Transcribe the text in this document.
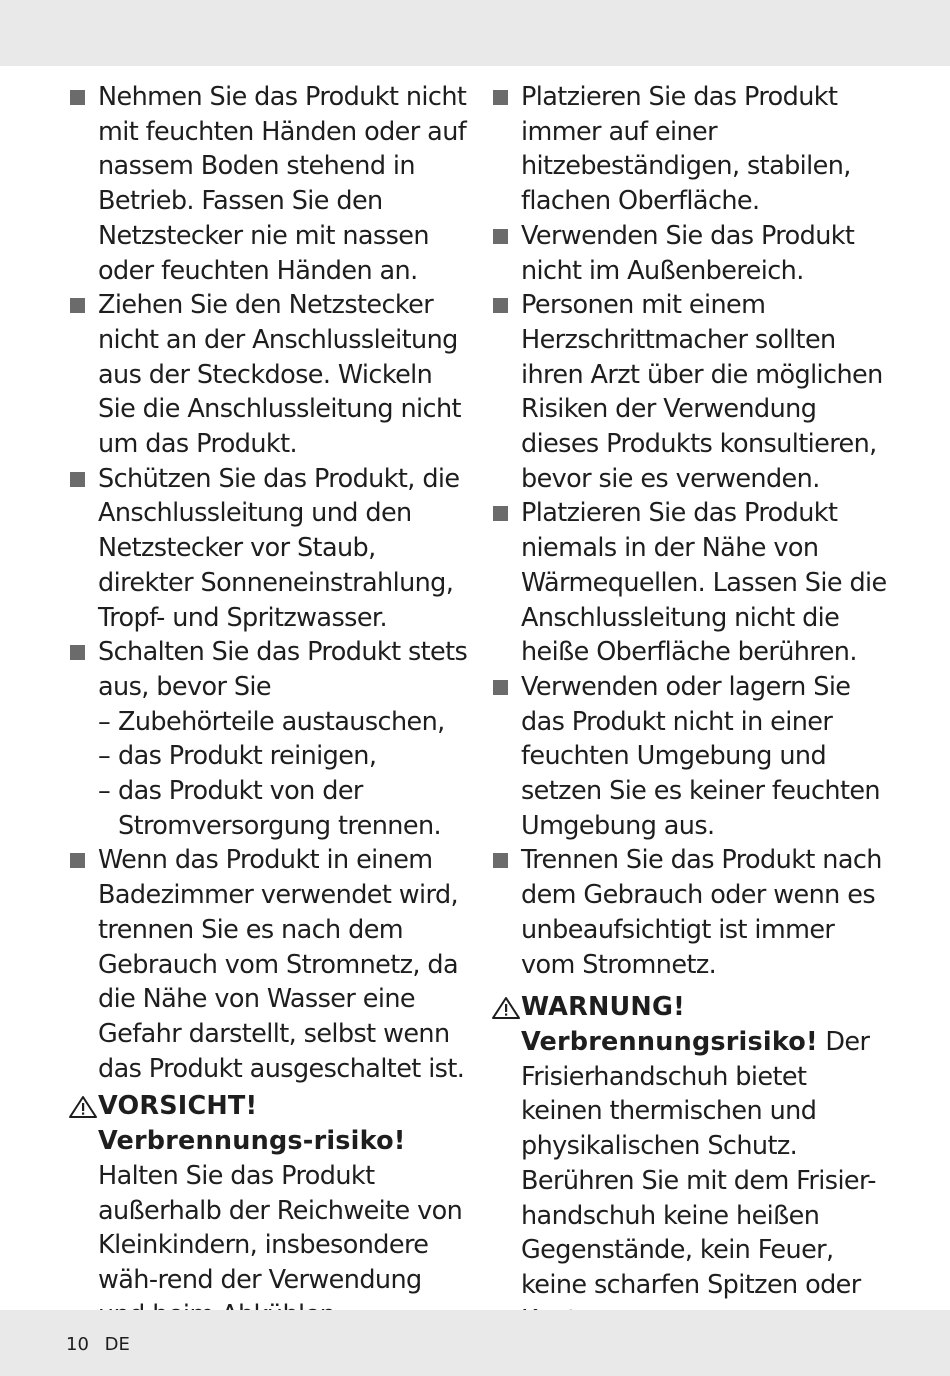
Nehmen Sie das Produkt nicht mit feuchten Händen oder auf nassem Boden stehend in Betrieb. Fassen Sie den Netzstecker nie mit nassen oder feuchten Händen an.

Ziehen Sie den Netzstecker nicht an der Anschlussleitung aus der Steckdose. Wickeln Sie die Anschlussleitung nicht um das Produkt.

Schützen Sie das Produkt, die Anschlussleitung und den Netzstecker vor Staub, direkter Sonneneinstrahlung, Tropf- und Spritzwasser.

Schalten Sie das Produkt stets aus, bevor Sie

– Zubehörteile austauschen,
– das Produkt reinigen,
– das Produkt von der Stromversorgung trennen.

Wenn das Produkt in einem Badezimmer verwendet wird, trennen Sie es nach dem Gebrauch vom Stromnetz, da die Nähe von Wasser eine Gefahr darstellt, selbst wenn das Produkt ausgeschaltet ist.

VORSICHT! Verbrennungs-risiko! Halten Sie das Produkt außerhalb der Reichweite von Kleinkindern, insbesondere wäh-rend der Verwendung

Platzieren Sie das Produkt immer auf einer hitzebeständigen, stabilen, flachen Oberfläche.

Verwenden Sie das Produkt nicht im Außenbereich.

Personen mit einem Herzschrittmacher sollten ihren Arzt über die möglichen Risiken der Verwendung dieses Produkts konsultieren, bevor sie es verwenden.

Platzieren Sie das Produkt niemals in der Nähe von Wärmequellen. Lassen Sie die Anschlussleitung nicht die heiße Oberfläche berühren.

Verwenden oder lagern Sie das Produkt nicht in einer feuchten Umgebung und setzen Sie es keiner feuchten Umgebung aus.

Trennen Sie das Produkt nach dem Gebrauch oder wenn es unbeaufsichtigt ist immer vom Stromnetz.

WARNUNG!

Verbrennungsrisiko! Der Frisierhandschuh bietet keinen thermischen und physikalischen Schutz.

Berühren Sie mit dem Frisier-handschuh keine heißen Gegenstände, kein Feuer, keine scharfen Spitzen oder

10 DE
